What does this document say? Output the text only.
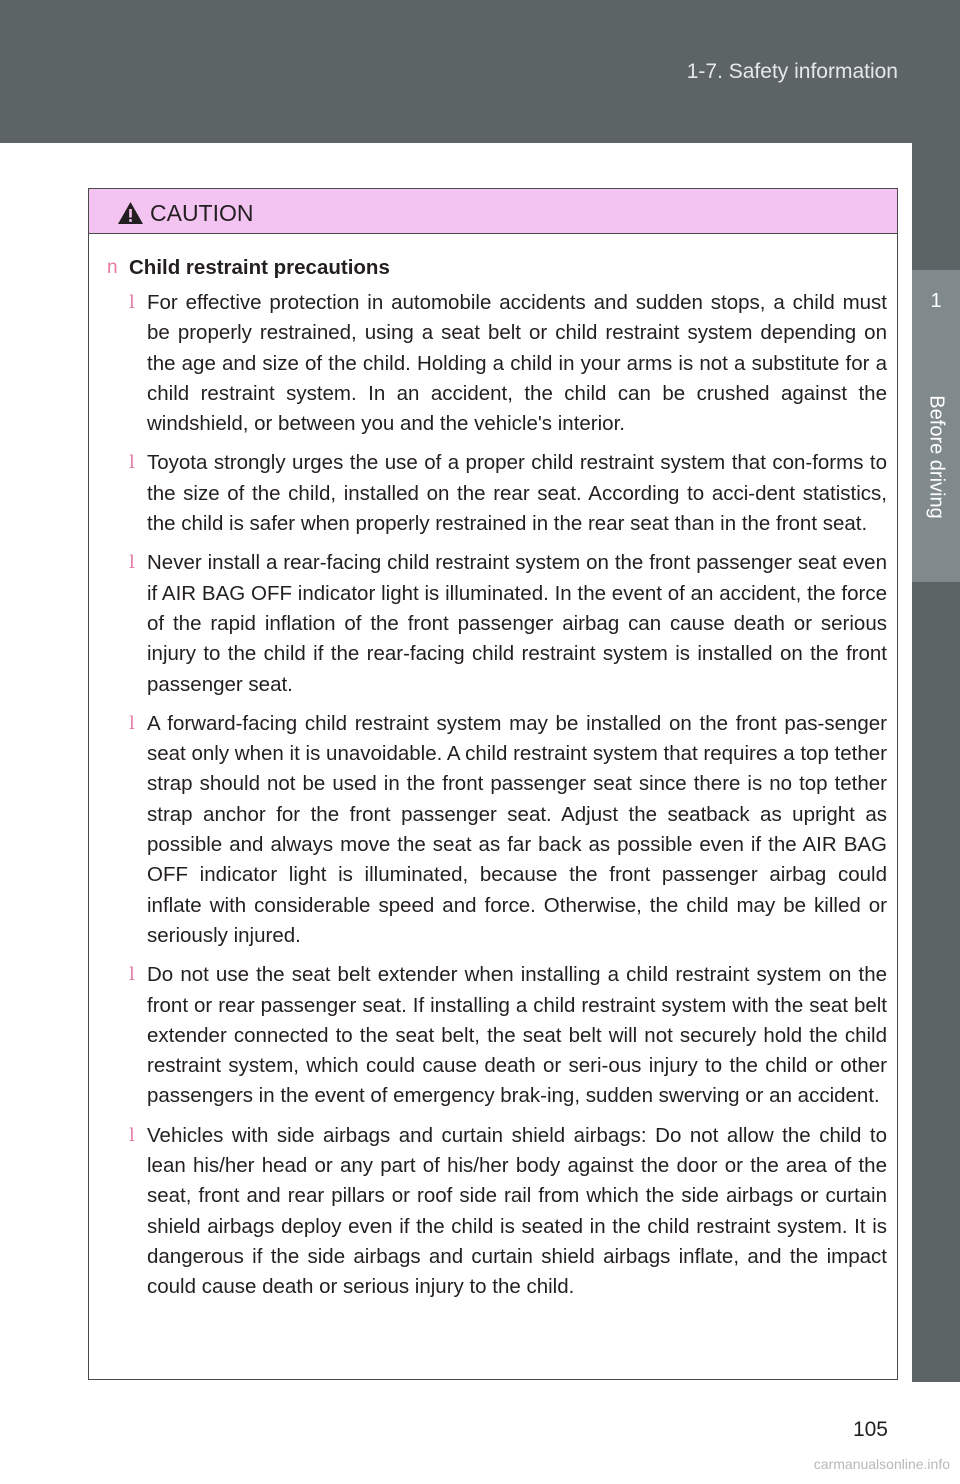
1-7. Safety information
1
Before driving
CAUTION
n Child restraint precautions
l For effective protection in automobile accidents and sudden stops, a child must be properly restrained, using a seat belt or child restraint system depending on the age and size of the child. Holding a child in your arms is not a substitute for a child restraint system. In an accident, the child can be crushed against the windshield, or between you and the vehicle's interior.
l Toyota strongly urges the use of a proper child restraint system that con-forms to the size of the child, installed on the rear seat. According to acci-dent statistics, the child is safer when properly restrained in the rear seat than in the front seat.
l Never install a rear-facing child restraint system on the front passenger seat even if AIR BAG OFF indicator light is illuminated. In the event of an accident, the force of the rapid inflation of the front passenger airbag can cause death or serious injury to the child if the rear-facing child restraint system is installed on the front passenger seat.
l A forward-facing child restraint system may be installed on the front pas-senger seat only when it is unavoidable. A child restraint system that requires a top tether strap should not be used in the front passenger seat since there is no top tether strap anchor for the front passenger seat. Adjust the seatback as upright as possible and always move the seat as far back as possible even if the AIR BAG OFF indicator light is illuminated, because the front passenger airbag could inflate with considerable speed and force. Otherwise, the child may be killed or seriously injured.
l Do not use the seat belt extender when installing a child restraint system on the front or rear passenger seat. If installing a child restraint system with the seat belt extender connected to the seat belt, the seat belt will not securely hold the child restraint system, which could cause death or seri-ous injury to the child or other passengers in the event of emergency brak-ing, sudden swerving or an accident.
l Vehicles with side airbags and curtain shield airbags: Do not allow the child to lean his/her head or any part of his/her body against the door or the area of the seat, front and rear pillars or roof side rail from which the side airbags or curtain shield airbags deploy even if the child is seated in the child restraint system. It is dangerous if the side airbags and curtain shield airbags inflate, and the impact could cause death or serious injury to the child.
105
carmanualsonline.info
